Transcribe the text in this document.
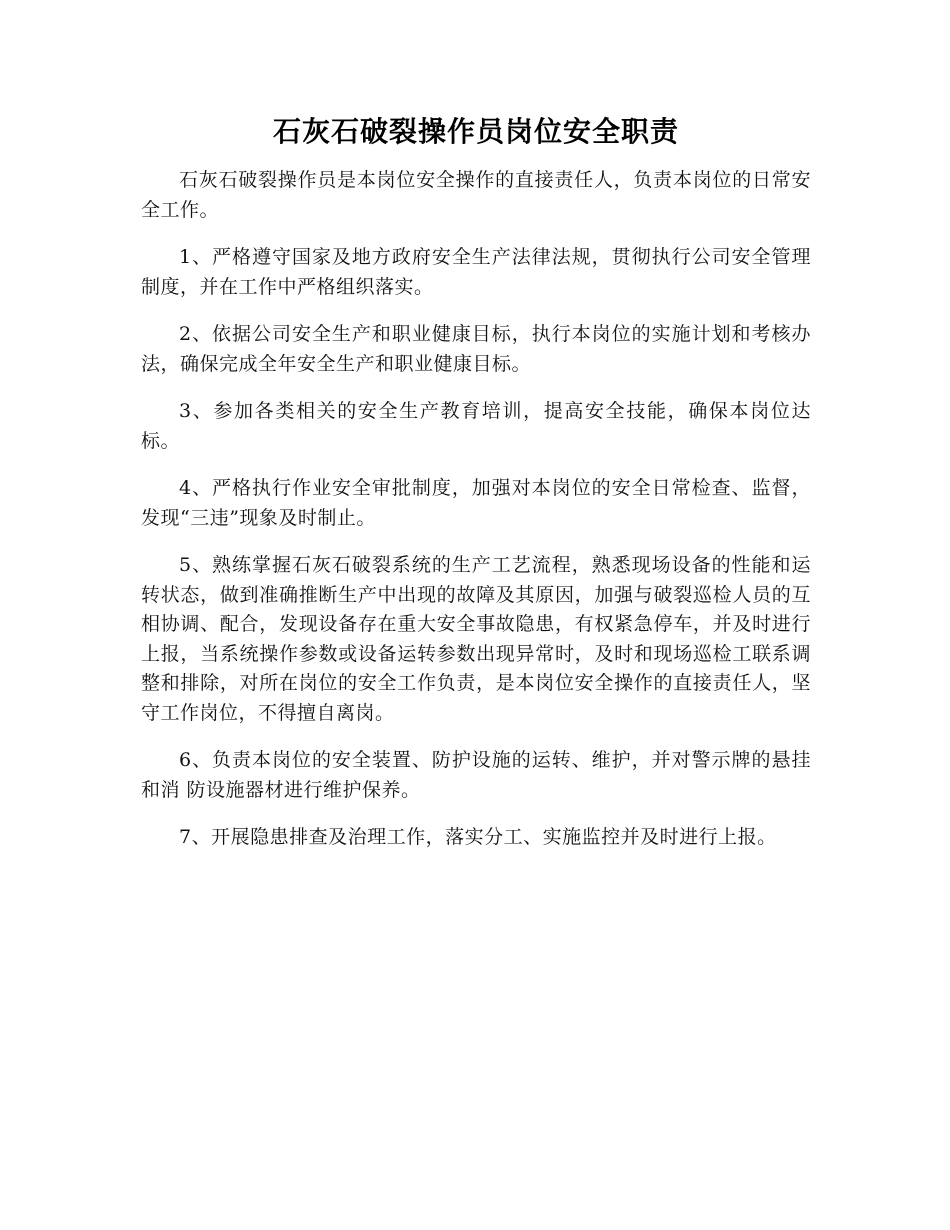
石灰石破裂操作员岗位安全职责

石灰石破裂操作员是本岗位安全操作的直接责任人，负责本岗位的日常安全工作。

1、严格遵守国家及地方政府安全生产法律法规，贯彻执行公司安全管理制度，并在工作中严格组织落实。

2、依据公司安全生产和职业健康目标，执行本岗位的实施计划和考核办法，确保完成全年安全生产和职业健康目标。

3、参加各类相关的安全生产教育培训，提高安全技能，确保本岗位达标。

4、严格执行作业安全审批制度，加强对本岗位的安全日常检查、监督，发现“三违”现象及时制止。

5、熟练掌握石灰石破裂系统的生产工艺流程，熟悉现场设备的性能和运转状态，做到准确推断生产中出现的故障及其原因，加强与破裂巡检人员的互相协调、配合，发现设备存在重大安全事故隐患，有权紧急停车，并及时进行上报，当系统操作参数或设备运转参数出现异常时，及时和现场巡检工联系调整和排除，对所在岗位的安全工作负责，是本岗位安全操作的直接责任人，坚守工作岗位，不得擅自离岗。

6、负责本岗位的安全装置、防护设施的运转、维护，并对警示牌的悬挂和消 防设施器材进行维护保养。

7、开展隐患排查及治理工作，落实分工、实施监控并及时进行上报。
